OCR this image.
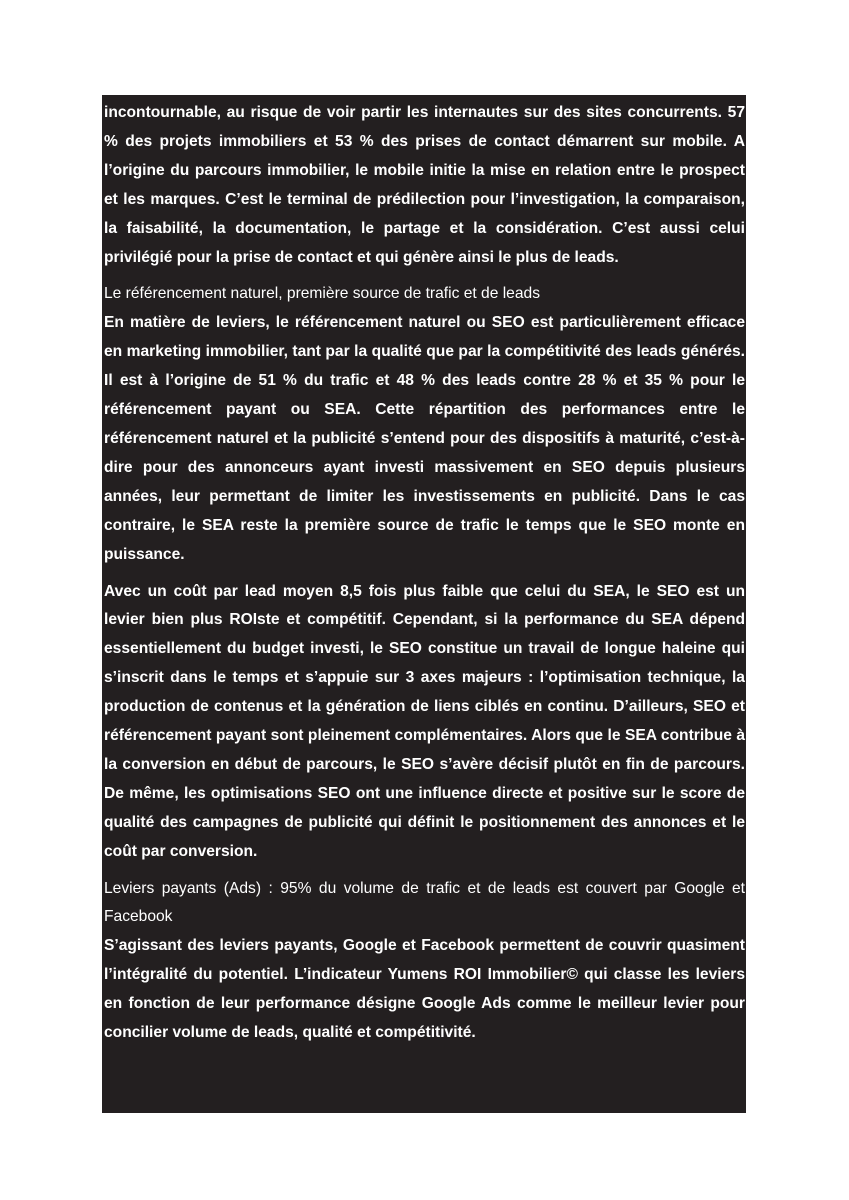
incontournable, au risque de voir partir les internautes sur des sites concurrents. 57 % des projets immobiliers et 53 % des prises de contact démarrent sur mobile. A l’origine du parcours immobilier, le mobile initie la mise en relation entre le prospect et les marques. C’est le terminal de prédilection pour l’investigation, la comparaison, la faisabilité, la documentation, le partage et la considération. C’est aussi celui privilégié pour la prise de contact et qui génère ainsi le plus de leads.

Le référencement naturel, première source de trafic et de leads

En matière de leviers, le référencement naturel ou SEO est particulièrement efficace en marketing immobilier, tant par la qualité que par la compétitivité des leads générés. Il est à l’origine de 51 % du trafic et 48 % des leads contre 28 % et 35 % pour le référencement payant ou SEA. Cette répartition des performances entre le référencement naturel et la publicité s’entend pour des dispositifs à maturité, c’est-à-dire pour des annonceurs ayant investi massivement en SEO depuis plusieurs années, leur permettant de limiter les investissements en publicité. Dans le cas contraire, le SEA reste la première source de trafic le temps que le SEO monte en puissance.

Avec un coût par lead moyen 8,5 fois plus faible que celui du SEA, le SEO est un levier bien plus ROIste et compétitif. Cependant, si la performance du SEA dépend essentiellement du budget investi, le SEO constitue un travail de longue haleine qui s’inscrit dans le temps et s’appuie sur 3 axes majeurs : l’optimisation technique, la production de contenus et la génération de liens ciblés en continu. D’ailleurs, SEO et référencement payant sont pleinement complémentaires. Alors que le SEA contribue à la conversion en début de parcours, le SEO s’avère décisif plutôt en fin de parcours. De même, les optimisations SEO ont une influence directe et positive sur le score de qualité des campagnes de publicité qui définit le positionnement des annonces et le coût par conversion.

Leviers payants (Ads) : 95% du volume de trafic et de leads est couvert par Google et Facebook

S’agissant des leviers payants, Google et Facebook permettent de couvrir quasiment l’intégralité du potentiel. L’indicateur Yumens ROI Immobilier© qui classe les leviers en fonction de leur performance désigne Google Ads comme le meilleur levier pour concilier volume de leads, qualité et compétitivité.
